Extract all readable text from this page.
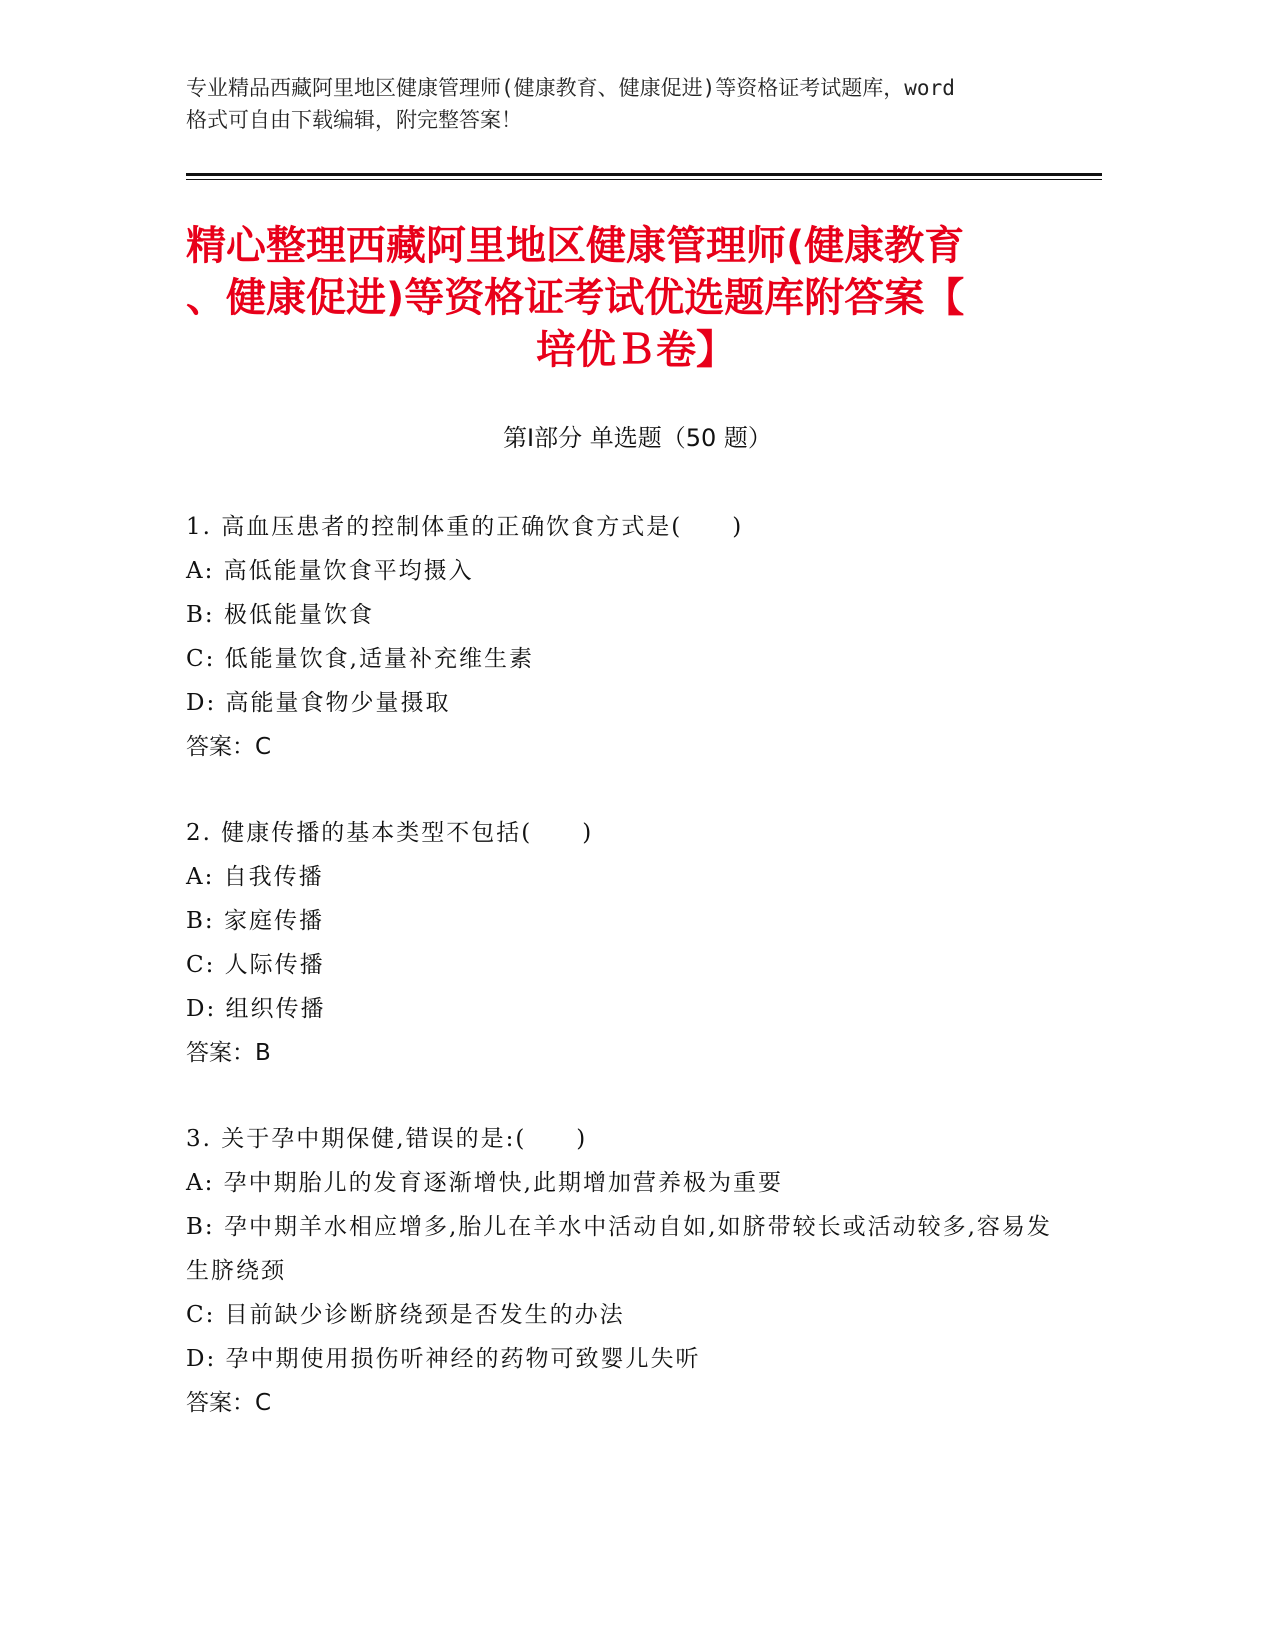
专业精品西藏阿里地区健康管理师(健康教育、健康促进)等资格证考试题库，word
格式可自由下载编辑，附完整答案！
精心整理西藏阿里地区健康管理师(健康教育
、健康促进)等资格证考试优选题库附答案【
培优Ｂ卷】
第Ⅰ部分 单选题（50 题）
1. 高血压患者的控制体重的正确饮食方式是(　　)
A: 高低能量饮食平均摄入
B: 极低能量饮食
C: 低能量饮食,适量补充维生素
D: 高能量食物少量摄取
答案：C
2. 健康传播的基本类型不包括(　　)
A: 自我传播
B: 家庭传播
C: 人际传播
D: 组织传播
答案：B
3. 关于孕中期保健,错误的是:(　　)
A: 孕中期胎儿的发育逐渐增快,此期增加营养极为重要
B: 孕中期羊水相应增多,胎儿在羊水中活动自如,如脐带较长或活动较多,容易发生脐绕颈
C: 目前缺少诊断脐绕颈是否发生的办法
D: 孕中期使用损伤听神经的药物可致婴儿失听
答案：C
